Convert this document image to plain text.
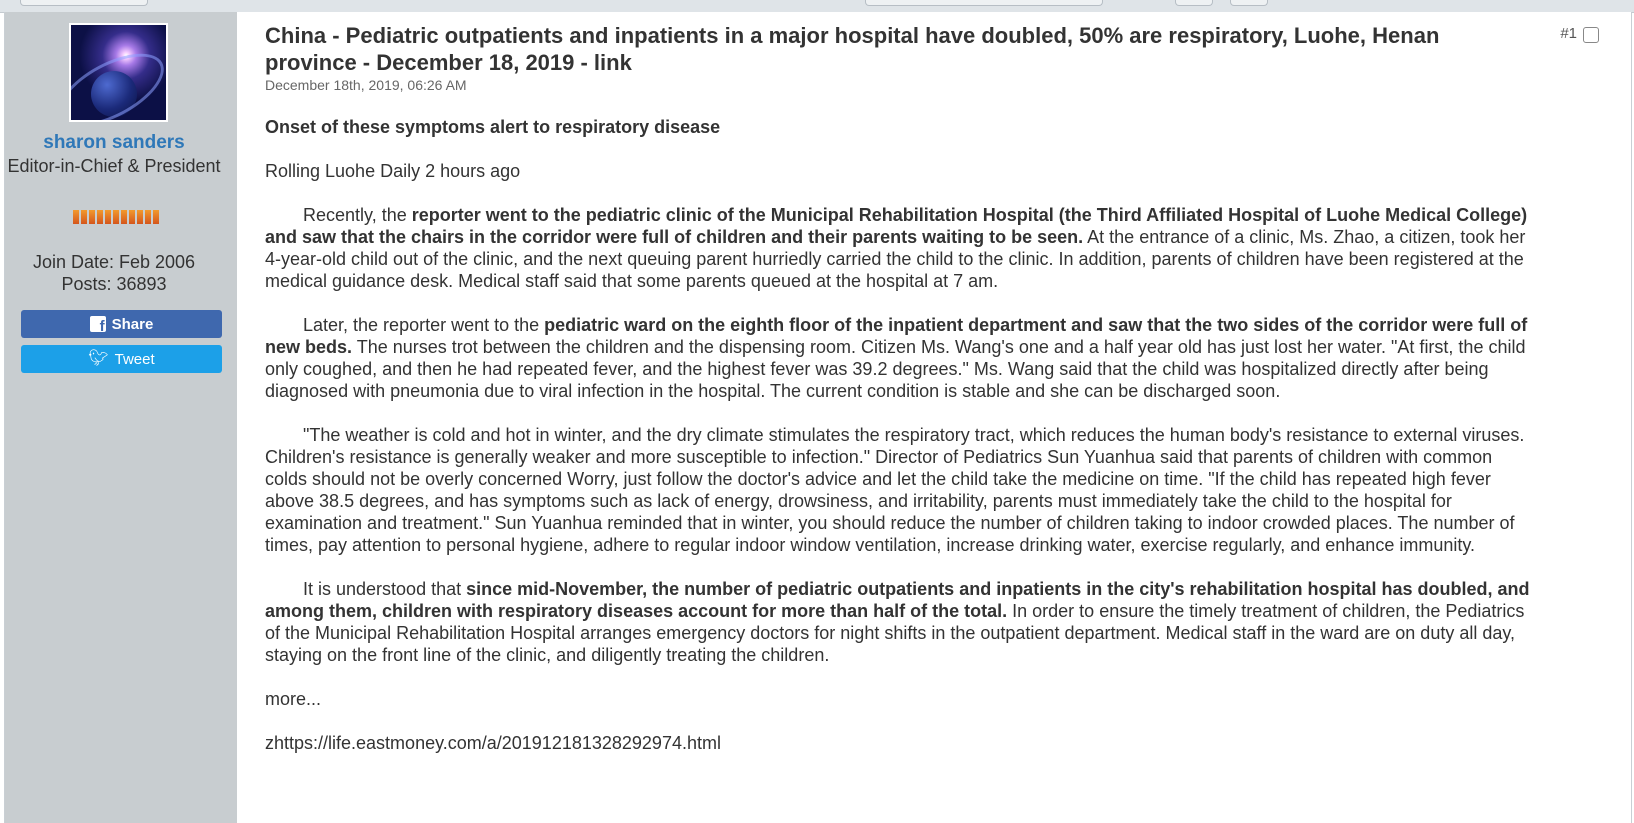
sharon sanders
Editor-in-Chief & President
Join Date: Feb 2006
Posts: 36893
f
Share
🐦︎ Tweet
China - Pediatric outpatients and inpatients in a major hospital have doubled, 50% are respiratory, Luohe, Henan province - December 18, 2019 - link
December 18th, 2019, 06:26 AM
#1

Onset of these symptoms alert to respiratory disease

Rolling Luohe Daily 2 hours ago

Recently, the reporter went to the pediatric clinic of the Municipal Rehabilitation Hospital (the Third Affiliated Hospital of Luohe Medical College) and saw that the chairs in the corridor were full of children and their parents waiting to be seen. At the entrance of a clinic, Ms. Zhao, a citizen, took her 4-year-old child out of the clinic, and the next queuing parent hurriedly carried the child to the clinic. In addition, parents of children have been registered at the medical guidance desk. Medical staff said that some parents queued at the hospital at 7 am.

Later, the reporter went to the pediatric ward on the eighth floor of the inpatient department and saw that the two sides of the corridor were full of new beds. The nurses trot between the children and the dispensing room. Citizen Ms. Wang's one and a half year old has just lost her water. "At first, the child only coughed, and then he had repeated fever, and the highest fever was 39.2 degrees." Ms. Wang said that the child was hospitalized directly after being diagnosed with pneumonia due to viral infection in the hospital. The current condition is stable and she can be discharged soon.

"The weather is cold and hot in winter, and the dry climate stimulates the respiratory tract, which reduces the human body's resistance to external viruses. Children's resistance is generally weaker and more susceptible to infection." Director of Pediatrics Sun Yuanhua said that parents of children with common colds should not be overly concerned Worry, just follow the doctor's advice and let the child take the medicine on time. "If the child has repeated high fever above 38.5 degrees, and has symptoms such as lack of energy, drowsiness, and irritability, parents must immediately take the child to the hospital for examination and treatment." Sun Yuanhua reminded that in winter, you should reduce the number of children taking to indoor crowded places. The number of times, pay attention to personal hygiene, adhere to regular indoor window ventilation, increase drinking water, exercise regularly, and enhance immunity.

It is understood that since mid-November, the number of pediatric outpatients and inpatients in the city's rehabilitation hospital has doubled, and among them, children with respiratory diseases account for more than half of the total. In order to ensure the timely treatment of children, the Pediatrics of the Municipal Rehabilitation Hospital arranges emergency doctors for night shifts in the outpatient department. Medical staff in the ward are on duty all day, staying on the front line of the clinic, and diligently treating the children.

more...

zhttps://life.eastmoney.com/a/201912181328292974.html
